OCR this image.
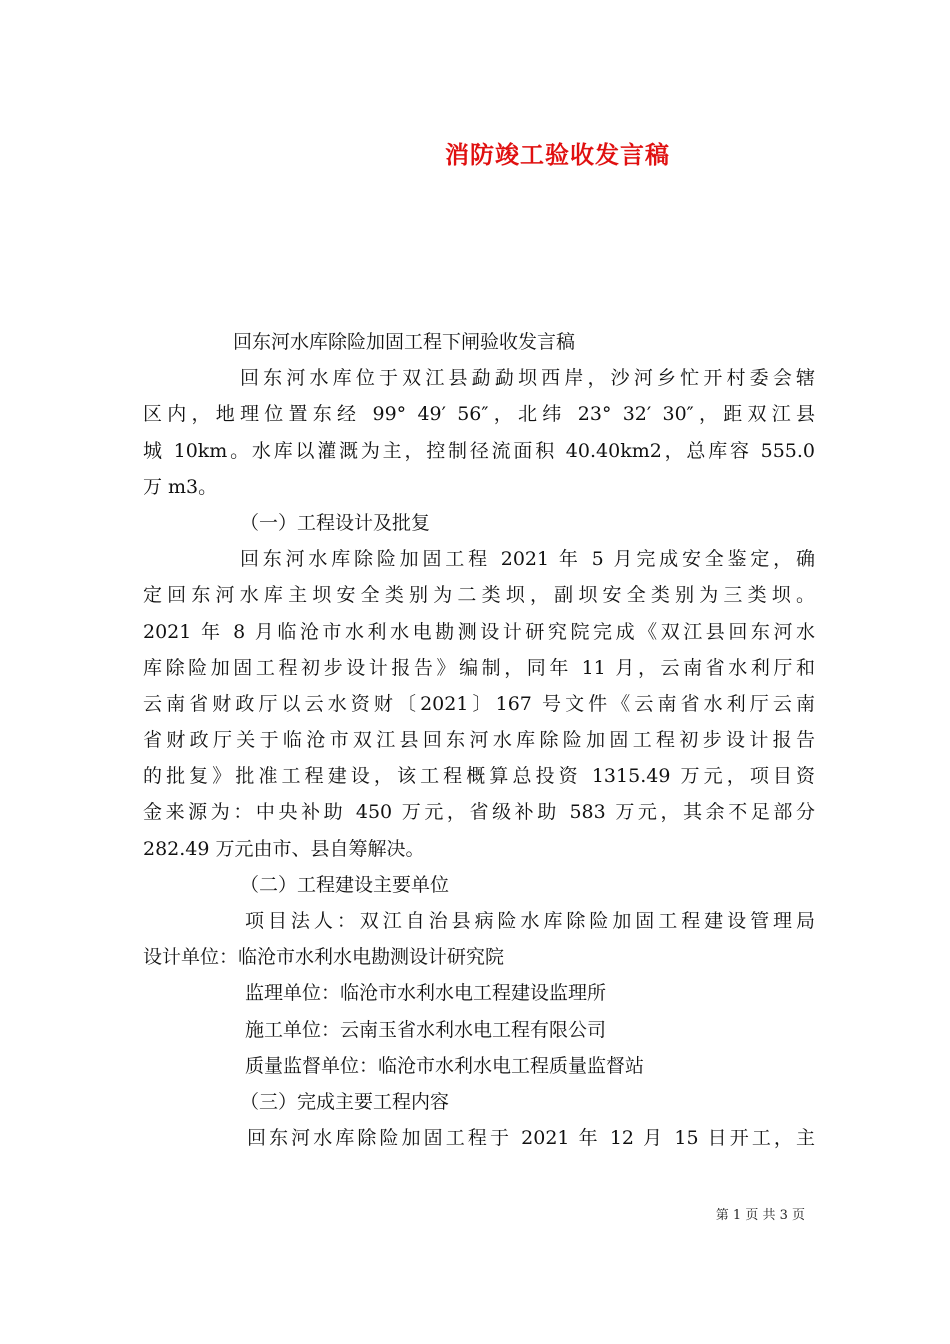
消防竣工验收发言稿
回东河水库除险加固工程下闸验收发言稿
回东河水库位于双江县勐勐坝西岸，沙河乡忙开村委会辖
区内，地理位置东经 99° 49′ 56″，北纬 23° 32′ 30″，距双江县
城 10km。水库以灌溉为主，控制径流面积 40.40km2，总库容 555.0
万 m3。
（一）工程设计及批复
回东河水库除险加固工程 2021 年 5 月完成安全鉴定，确
定回东河水库主坝安全类别为二类坝，副坝安全类别为三类坝。
2021 年 8 月临沧市水利水电勘测设计研究院完成《双江县回东河水
库除险加固工程初步设计报告》编制，同年 11 月，云南省水利厅和
云南省财政厅以云水资财〔2021〕167 号文件《云南省水利厅云南
省财政厅关于临沧市双江县回东河水库除险加固工程初步设计报告
的批复》批准工程建设，该工程概算总投资 1315.49 万元，项目资
金来源为：中央补助 450 万元，省级补助 583 万元，其余不足部分
282.49 万元由市、县自筹解决。
（二）工程建设主要单位
项目法人：双江自治县病险水库除险加固工程建设管理局
设计单位：临沧市水利水电勘测设计研究院
监理单位：临沧市水利水电工程建设监理所
施工单位：云南玉省水利水电工程有限公司
质量监督单位：临沧市水利水电工程质量监督站
（三）完成主要工程内容
回东河水库除险加固工程于 2021 年 12 月 15 日开工，主
第 1 页 共 3 页
